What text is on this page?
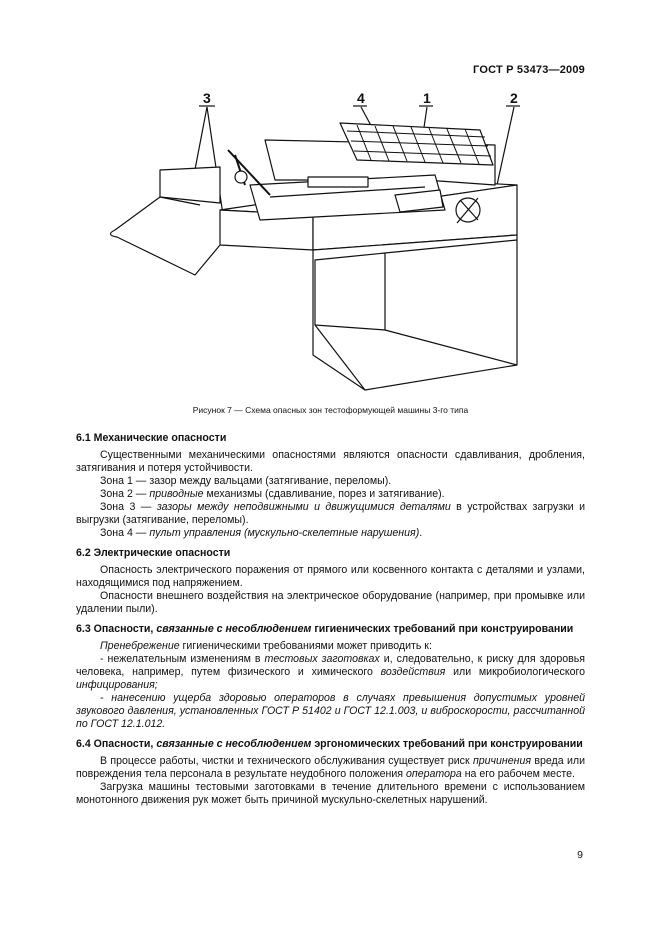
ГОСТ Р 53473—2009
3	4	1	2
Рисунок 7 — Схема опасных зон тестоформующей машины 3-го типа
6.1 Механические опасности

Существенными механическими опасностями являются опасности сдавливания, дробления, затягивания и потеря устойчивости.

Зона 1 — зазор между вальцами (затягивание, переломы).

Зона 2 — приводные механизмы (сдавливание, порез и затягивание).

Зона 3 — зазоры между неподвижными и движущимися деталями в устройствах загрузки и выгрузки (затягивание, переломы).

Зона 4 — пульт управления (мускульно-скелетные нарушения).

6.2 Электрические опасности

Опасность электрического поражения от прямого или косвенного контакта с деталями и узлами, находящимися под напряжением.

Опасности внешнего воздействия на электрическое оборудование (например, при промывке или удалении пыли).

6.3 Опасности, связанные с несоблюдением гигиенических требований при конструировании

Пренебрежение гигиеническими требованиями может приводить к:

- нежелательным изменениям в тестовых заготовках и, следовательно, к риску для здоровья человека, например, путем физического и химического воздействия или микробиологического инфицирования;

- нанесению ущерба здоровью операторов в случаях превышения допустимых уровней звукового давления, установленных ГОСТ Р 51402 и ГОСТ 12.1.003, и виброскорости, рассчитанной по ГОСТ 12.1.012.

6.4 Опасности, связанные с несоблюдением эргономических требований при конструировании

В процессе работы, чистки и технического обслуживания существует риск причинения вреда или повреждения тела персонала в результате неудобного положения оператора на его рабочем месте.

Загрузка машины тестовыми заготовками в течение длительного времени с использованием монотонного движения рук может быть причиной мускульно-скелетных нарушений.

9
